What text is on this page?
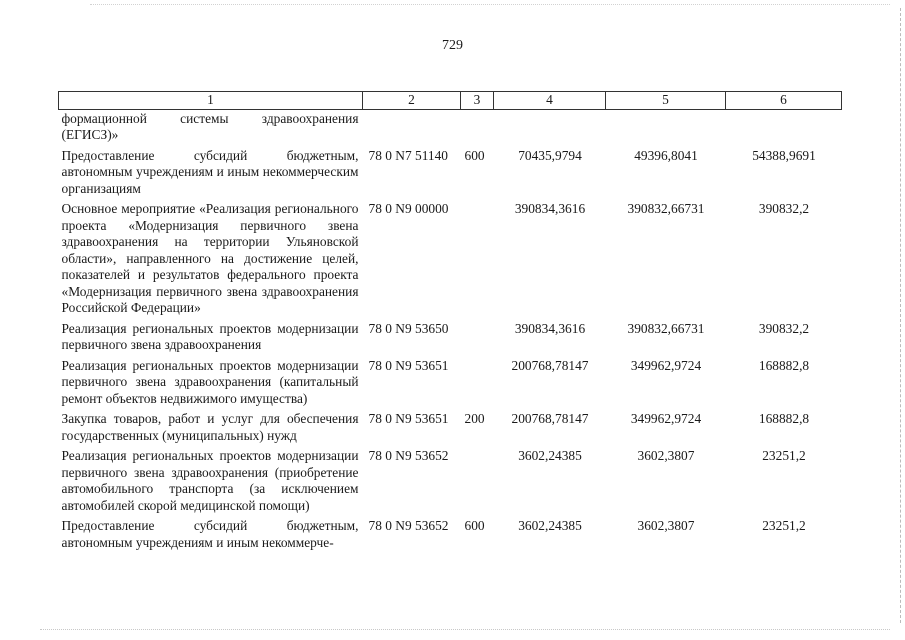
729
1	2	3	4	5	6
формационной системы здравоохранения (ЕГИСЗ)»					
Предоставление субсидий бюджетным, автономным учреждениям и иным некоммерческим организациям	78 0 N7 51140	600	70435,9794	49396,8041	54388,9691
Основное мероприятие «Реализация регионального проекта «Модернизация первичного звена здравоохранения на территории Ульяновской области», направленного на достижение целей, показателей и результатов федерального проекта «Модернизация первичного звена здравоохранения Российской Федерации»	78 0 N9 00000		390834,3616	390832,66731	390832,2
Реализация региональных проектов модернизации первичного звена здравоохранения	78 0 N9 53650		390834,3616	390832,66731	390832,2
Реализация региональных проектов модернизации первичного звена здравоохранения (капитальный ремонт объектов недвижимого имущества)	78 0 N9 53651		200768,78147	349962,9724	168882,8
Закупка товаров, работ и услуг для обеспечения государственных (муниципальных) нужд	78 0 N9 53651	200	200768,78147	349962,9724	168882,8
Реализация региональных проектов модернизации первичного звена здравоохранения (приобретение автомобильного транспорта (за исключением автомобилей скорой медицинской помощи)	78 0 N9 53652		3602,24385	3602,3807	23251,2
Предоставление субсидий бюджетным, автономным учреждениям и иным некоммерче-	78 0 N9 53652	600	3602,24385	3602,3807	23251,2
